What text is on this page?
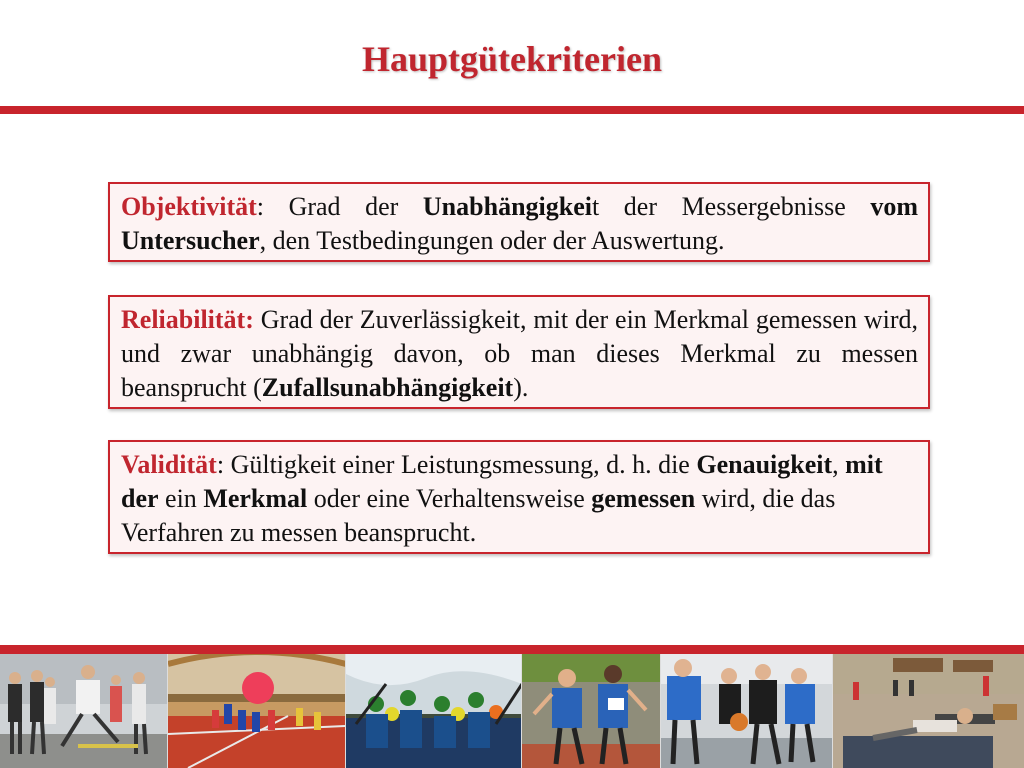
Hauptgütekriterien
Objektivität: Grad der Unabhängigkeit der Messergebnisse vom Untersucher, den Testbedingungen oder der Auswertung.
Reliabilität: Grad der Zuverlässigkeit, mit der ein Merkmal gemessen wird, und zwar unabhängig davon, ob man dieses Merkmal zu messen beansprucht (Zufallsunabhängigkeit).
Validität: Gültigkeit einer Leistungsmessung, d. h. die Genauigkeit, mit der ein Merkmal oder eine Verhaltensweise gemessen wird, die das Verfahren zu messen beansprucht.
